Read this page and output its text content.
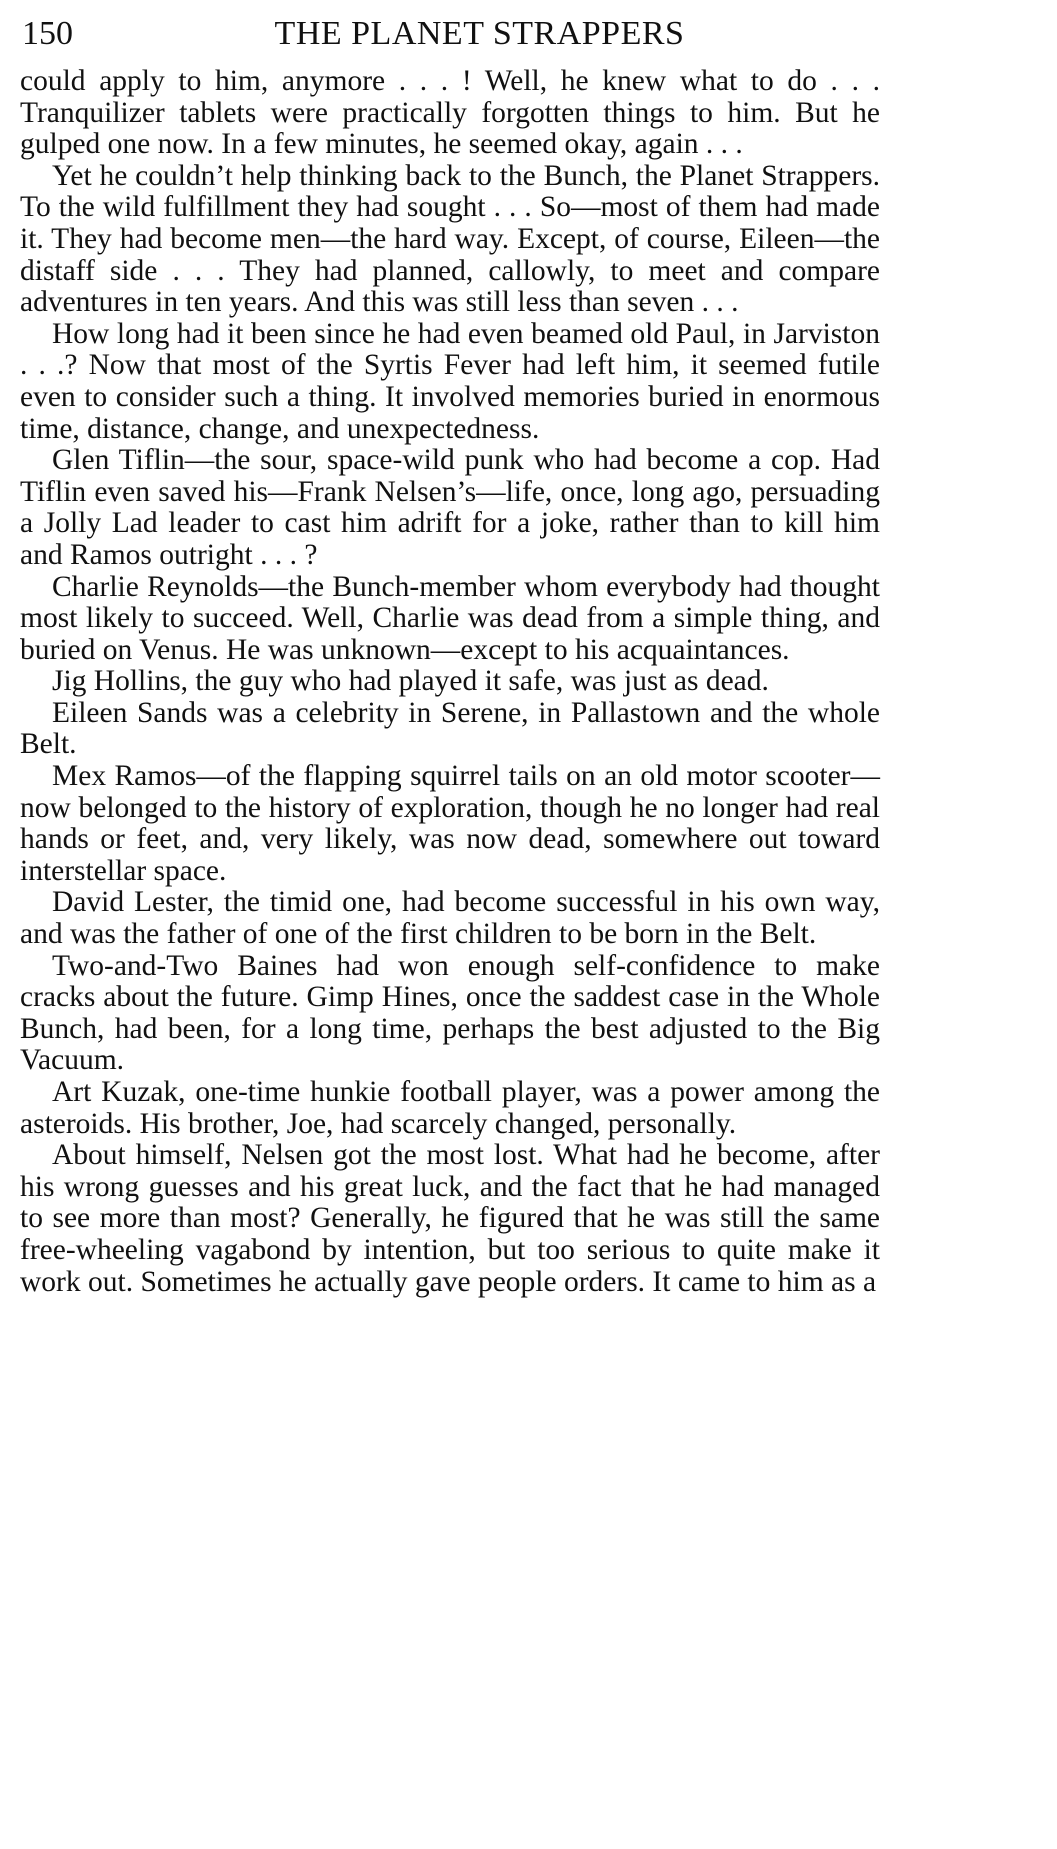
150	THE PLANET STRAPPERS

could apply to him, anymore . . . ! Well, he knew what to do . . . Tranquilizer tablets were practically forgotten things to him. But he gulped one now. In a few minutes, he seemed okay, again . . .

Yet he couldn’t help thinking back to the Bunch, the Planet Strappers. To the wild fulfillment they had sought . . . So—most of them had made it. They had become men—the hard way. Except, of course, Eileen—the distaff side . . . They had planned, callowly, to meet and compare adventures in ten years. And this was still less than seven . . .

How long had it been since he had even beamed old Paul, in Jarviston . . .? Now that most of the Syrtis Fever had left him, it seemed futile even to consider such a thing. It involved memories buried in enormous time, distance, change, and unexpectedness.

Glen Tiflin—the sour, space-wild punk who had become a cop. Had Tiflin even saved his—Frank Nelsen’s—life, once, long ago, persuading a Jolly Lad leader to cast him adrift for a joke, rather than to kill him and Ramos outright . . . ?

Charlie Reynolds—the Bunch-member whom everybody had thought most likely to succeed. Well, Charlie was dead from a simple thing, and buried on Venus. He was unknown—except to his acquaintances.

Jig Hollins, the guy who had played it safe, was just as dead.

Eileen Sands was a celebrity in Serene, in Pallastown and the whole Belt.

Mex Ramos—of the flapping squirrel tails on an old motor scooter—now belonged to the history of exploration, though he no longer had real hands or feet, and, very likely, was now dead, somewhere out toward interstellar space.

David Lester, the timid one, had become successful in his own way, and was the father of one of the first children to be born in the Belt.

Two-and-Two Baines had won enough self-confidence to make cracks about the future. Gimp Hines, once the saddest case in the Whole Bunch, had been, for a long time, perhaps the best adjusted to the Big Vacuum.

Art Kuzak, one-time hunkie football player, was a power among the asteroids. His brother, Joe, had scarcely changed, personally.

About himself, Nelsen got the most lost. What had he become, after his wrong guesses and his great luck, and the fact that he had managed to see more than most? Generally, he figured that he was still the same free-wheeling vagabond by intention, but too serious to quite make it work out. Sometimes he actually gave people orders. It came to him as a
